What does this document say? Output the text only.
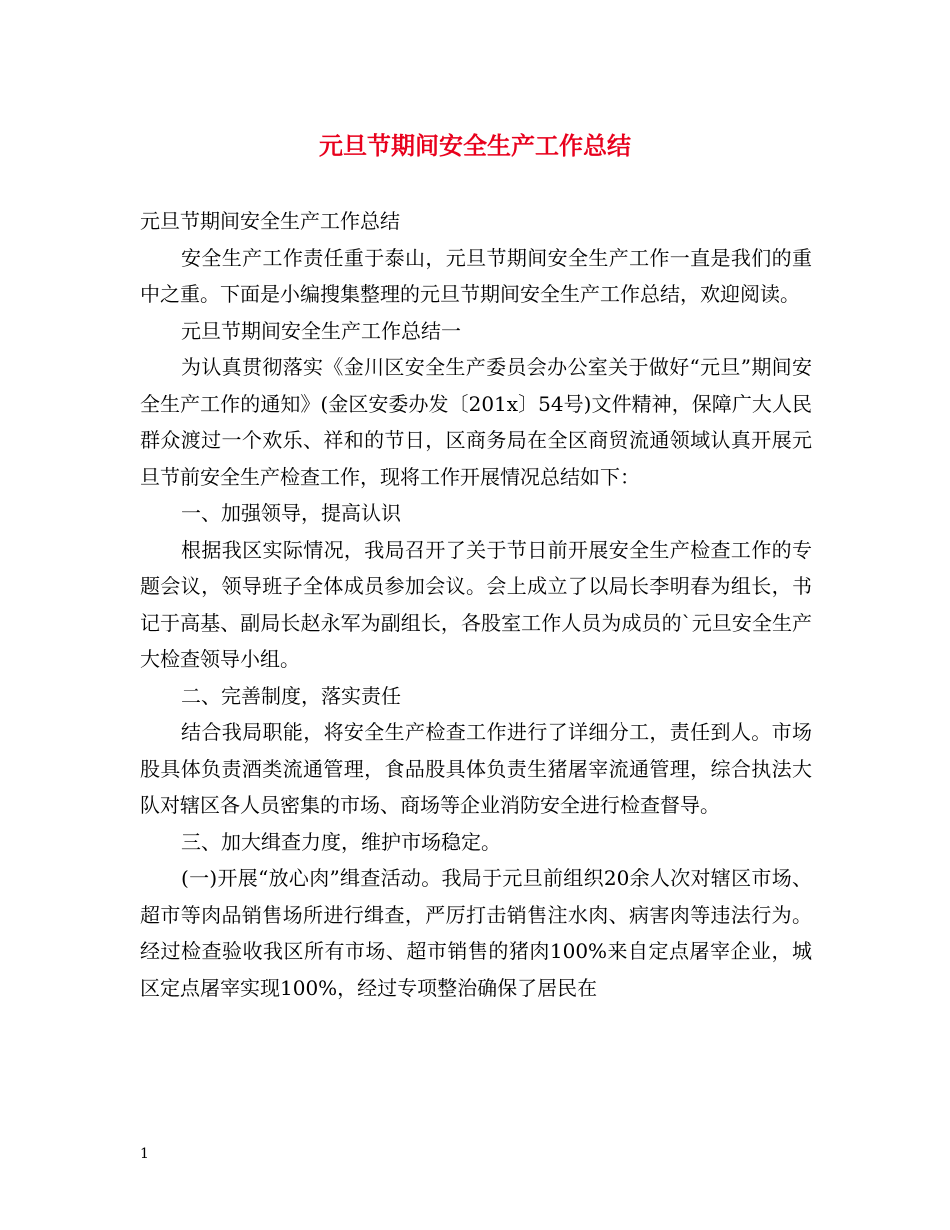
元旦节期间安全生产工作总结

元旦节期间安全生产工作总结

安全生产工作责任重于泰山，元旦节期间安全生产工作一直是我们的重中之重。下面是小编搜集整理的元旦节期间安全生产工作总结，欢迎阅读。

元旦节期间安全生产工作总结一

为认真贯彻落实《金川区安全生产委员会办公室关于做好“元旦”期间安全生产工作的通知》(金区安委办发〔201x〕54号)文件精神，保障广大人民群众渡过一个欢乐、祥和的节日，区商务局在全区商贸流通领域认真开展元旦节前安全生产检查工作，现将工作开展情况总结如下：

一、加强领导，提高认识

根据我区实际情况，我局召开了关于节日前开展安全生产检查工作的专题会议，领导班子全体成员参加会议。会上成立了以局长李明春为组长，书记于高基、副局长赵永军为副组长，各股室工作人员为成员的`元旦安全生产大检查领导小组。

二、完善制度，落实责任

结合我局职能，将安全生产检查工作进行了详细分工，责任到人。市场股具体负责酒类流通管理，食品股具体负责生猪屠宰流通管理，综合执法大队对辖区各人员密集的市场、商场等企业消防安全进行检查督导。

三、加大缉查力度，维护市场稳定。

(一)开展“放心肉”缉查活动。我局于元旦前组织20余人次对辖区市场、超市等肉品销售场所进行缉查，严厉打击销售注水肉、病害肉等违法行为。经过检查验收我区所有市场、超市销售的猪肉100%来自定点屠宰企业，城区定点屠宰实现100%，经过专项整治确保了居民在

1
